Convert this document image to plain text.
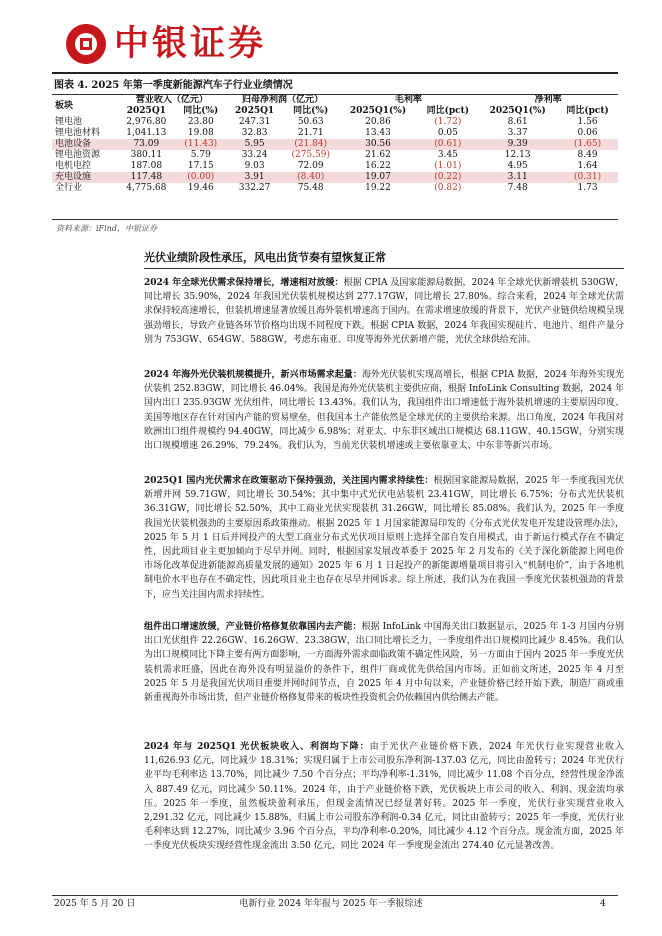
中银证券
图表 4. 2025 年第一季度新能源汽车子行业业绩情况
板块	营业收入（亿元）		归母净利润（亿元）		毛利率		净利率	
	2025Q1	同比(%)	2025Q1	同比(%)	2025Q1(%)	同比(pct)	2025Q1(%)	同比(pct)
锂电池	2,976.80	23.80	247.31	50.63	20.86	(1.72)	8.61	1.56
锂电池材料	1,041.13	19.08	32.83	21.71	13.43	0.05	3.37	0.06
电池设备	73.09	(11.43)	5.95	(21.84)	30.56	(0.61)	9.39	(1.65)
锂电池资源	380.11	5.79	33.24	(275.59)	21.62	3.45	12.13	8.49
电机电控	187.08	17.15	9.03	72.09	16.22	(1.01)	4.95	1.64
充电设施	117.48	(0.00)	3.91	(8.40)	19.07	(0.22)	3.11	(0.31)
全行业	4,775.68	19.46	332.27	75.48	19.22	(0.82)	7.48	1.73
资料来源：iFind，中银证券
光伏业绩阶段性承压，风电出货节奏有望恢复正常
2024 年全球光伏需求保持增长，增速相对放缓：根据 CPIA 及国家能源局数据，2024 年全球光伏新增装机 530GW，同比增长 35.90%，2024 年我国光伏装机规模达到 277.17GW，同比增长 27.80%。综合来看，2024 年全球光伏需求保持较高速增长，但装机增速显著放缓且海外装机增速高于国内。在需求增速放缓的背景下，光伏产业链供给规模呈现强劲增长，导致产业链各环节价格均出现不同程度下跌。根据 CPIA 数据，2024 年我国实现硅片、电池片、组件产量分别为 753GW、654GW、588GW，考虑东南亚、印度等海外光伏新增产能，光伏全球供给充沛。
2024 年海外光伏装机规模提升，新兴市场需求起量：海外光伏装机实现高增长，根据 CPIA 数据，2024 年海外实现光伏装机 252.83GW，同比增长 46.04%。我国是海外光伏装机主要供应商，根据 InfoLink Consulting 数据，2024 年国内出口 235.93GW 光伏组件，同比增长 13.43%。我们认为，我国组件出口增速低于海外装机增速的主要原因印度、美国等地区存在针对国内产能的贸易壁垒，但我国本土产能依然是全球光伏的主要供给来源。出口角度，2024 年我国对欧洲出口组件规模约 94.40GW，同比减少 6.98%；对亚太、中东非区域出口规模达 68.11GW、40.15GW，分别实现出口规模增速 26.29%、79.24%。我们认为，当前光伏装机增速或主要依靠亚太、中东非等新兴市场。
2025Q1 国内光伏需求在政策驱动下保持强劲，关注国内需求持续性：根据国家能源局数据，2025 年一季度我国光伏新增并网 59.71GW，同比增长 30.54%；其中集中式光伏电站装机 23.41GW，同比增长 6.75%；分布式光伏装机 36.31GW，同比增长 52.50%，其中工商业光伏实现装机 31.26GW，同比增长 85.08%。我们认为，2025 年一季度我国光伏装机强劲的主要原因系政策推动。根据 2025 年 1 月国家能源局印发的《分布式光伏发电开发建设管理办法》，2025 年 5 月 1 日后并网投产的大型工商业分布式光伏项目原则上选择全部自发自用模式，由于新运行模式存在不确定性，因此项目业主更加倾向于尽早并网。同时，根据国家发展改革委于 2025 年 2 月发布的《关于深化新能源上网电价市场化改革促进新能源高质量发展的通知》2025 年 6 月 1 日起投产的新能源增量项目将引入“机制电价”，由于各地机制电价水平也存在不确定性，因此项目业主也存在尽早并网诉求。综上所述，我们认为在我国一季度光伏装机强劲的背景下，应当关注国内需求持续性。
组件出口增速放缓，产业链价格修复依靠国内去产能：根据 InfoLink 中国海关出口数据显示，2025 年 1-3 月国内分别出口光伏组件 22.26GW、16.26GW、23.38GW，出口同比增长乏力，一季度组件出口规模同比减少 8.45%。我们认为出口规模同比下降主要有两方面影响，一方面海外需求面临政策不确定性风险，另一方面由于国内 2025 年一季度光伏装机需求旺盛，因此在海外没有明显溢价的条件下，组件厂商或优先供给国内市场。正如前文所述，2025 年 4 月至 2025 年 5 月是我国光伏项目重要并网时间节点，自 2025 年 4 月中旬以来，产业链价格已经开始下跌，制造厂商或重新重视海外市场出货，但产业链价格修复带来的板块性投资机会仍依赖国内供给侧去产能。
2024 年与 2025Q1 光伏板块收入、利润均下降：由于光伏产业链价格下跌，2024 年光伏行业实现营业收入 11,626.93 亿元，同比减少 18.31%；实现归属于上市公司股东净利润-137.03 亿元，同比由盈转亏；2024 年光伏行业平均毛利率达 13.70%，同比减少 7.50 个百分点；平均净利率-1.31%，同比减少 11.08 个百分点，经营性现金净流入 887.49 亿元，同比减少 50.11%。2024 年，由于产业链价格下跌，光伏板块上市公司的收入、利润、现金流均承压。2025 年一季度，虽然板块盈利承压，但现金流情况已经显著好转。2025 年一季度，光伏行业实现营业收入 2,291.32 亿元，同比减少 15.88%，归属上市公司股东净利润-0.34 亿元，同比由盈转亏；2025 年一季度，光伏行业毛利率达到 12.27%，同比减少 3.96 个百分点，平均净利率-0.20%，同比减少 4.12 个百分点。现金流方面，2025 年一季度光伏板块实现经营性现金流出 3.50 亿元，同比 2024 年一季度现金流出 274.40 亿元显著改善。
2025 年 5 月 20 日	电新行业 2024 年年报与 2025 年一季报综述	4
